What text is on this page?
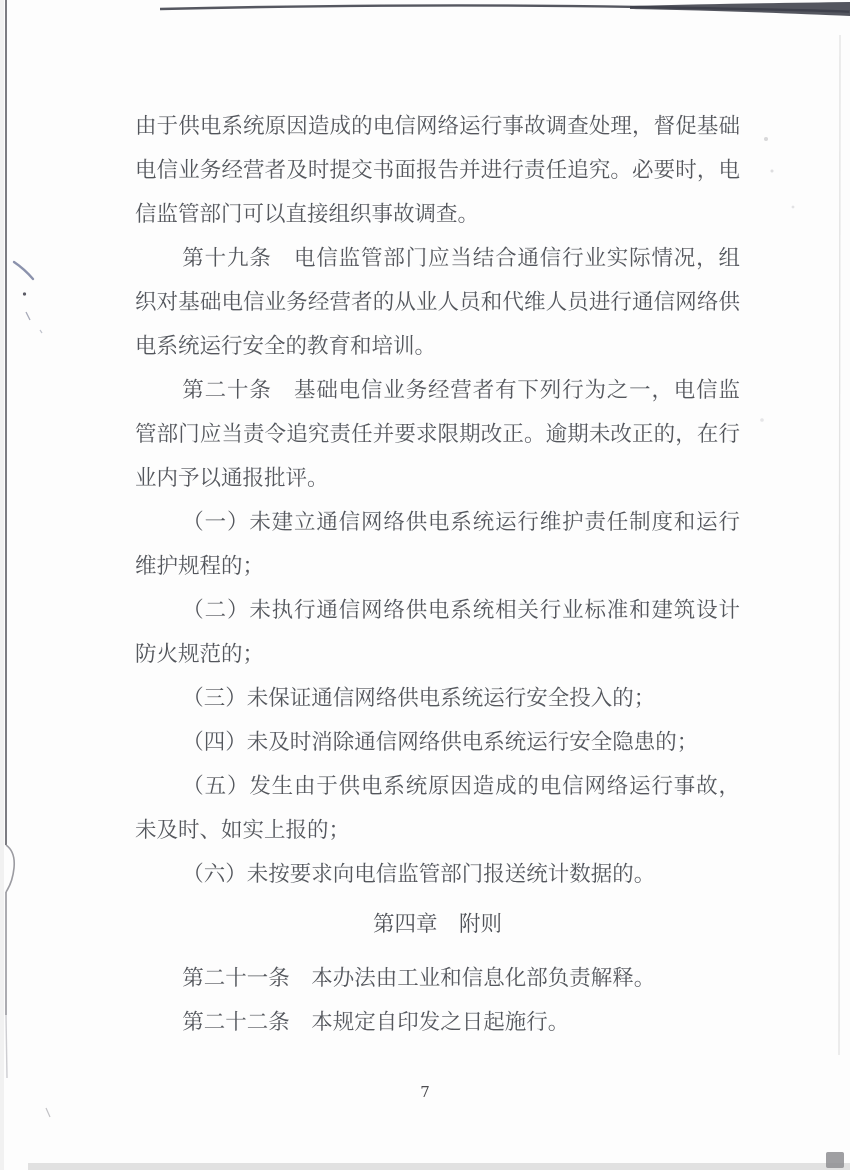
由于供电系统原因造成的电信网络运行事故调查处理，督促基础电信业务经营者及时提交书面报告并进行责任追究。必要时，电信监管部门可以直接组织事故调查。
第十九条　电信监管部门应当结合通信行业实际情况，组织对基础电信业务经营者的从业人员和代维人员进行通信网络供电系统运行安全的教育和培训。
第二十条　基础电信业务经营者有下列行为之一，电信监管部门应当责令追究责任并要求限期改正。逾期未改正的，在行业内予以通报批评。
（一）未建立通信网络供电系统运行维护责任制度和运行维护规程的；
（二）未执行通信网络供电系统相关行业标准和建筑设计防火规范的；
（三）未保证通信网络供电系统运行安全投入的；
（四）未及时消除通信网络供电系统运行安全隐患的；
（五）发生由于供电系统原因造成的电信网络运行事故，未及时、如实上报的；
（六）未按要求向电信监管部门报送统计数据的。
第四章　附则
第二十一条　本办法由工业和信息化部负责解释。
第二十二条　本规定自印发之日起施行。
7
